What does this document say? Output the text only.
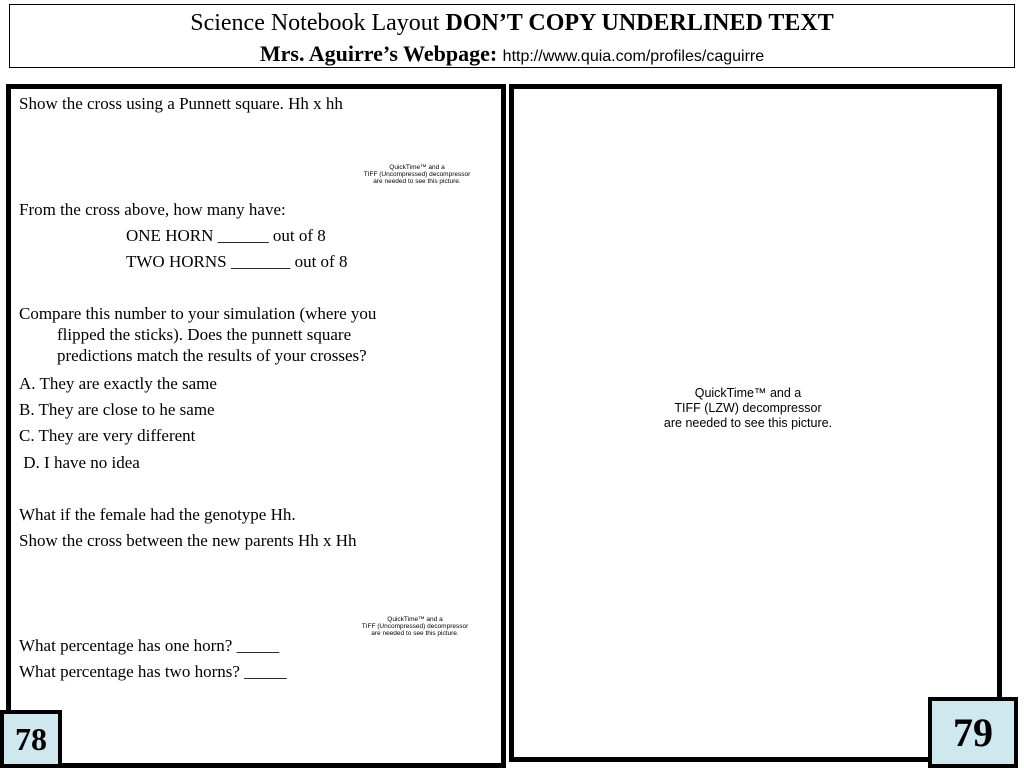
Science Notebook Layout DON’T COPY UNDERLINED TEXT
Mrs. Aguirre’s Webpage: http://www.quia.com/profiles/caguirre
Show the cross using a Punnett square. Hh x hh
QuickTime™ and a
TIFF (Uncompressed) decompressor
are needed to see this picture.
From the cross above, how many have:
ONE HORN ______ out of 8
TWO HORNS _______ out of 8
Compare this number to your simulation (where you
flipped the sticks). Does the punnett square
predictions match the results of your crosses?
A. They are exactly the same
B. They are close to he same
C. They are very different
D. I have no idea
What if the female had the genotype Hh.
Show the cross between the new parents Hh x Hh
QuickTime™ and a
TIFF (Uncompressed) decompressor
are needed to see this picture.
What percentage has one horn? _____
What percentage has two horns? _____
QuickTime™ and a
TIFF (LZW) decompressor
are needed to see this picture.
78	79
